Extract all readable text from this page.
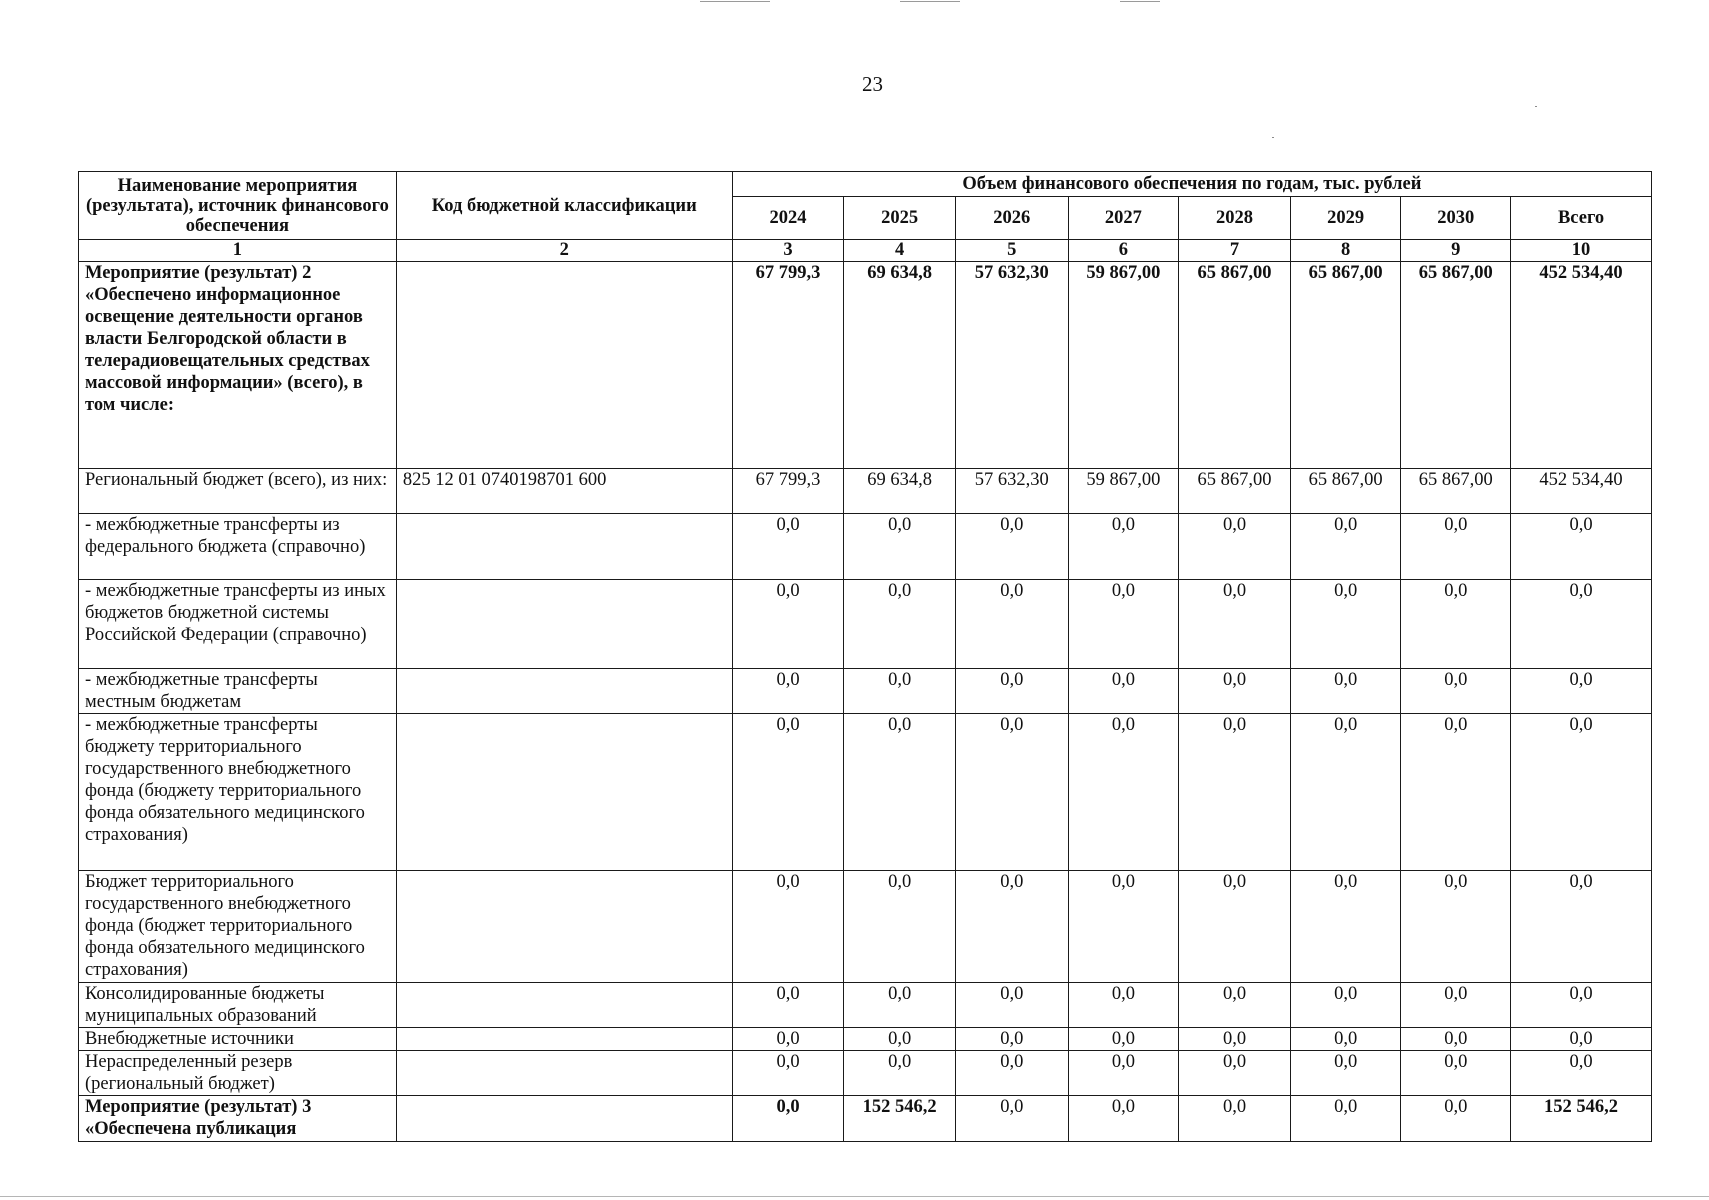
23
Наименование мероприятия (результата), источник финансового обеспечения	Код бюджетной классификации	Объем финансового обеспечения по годам, тыс. рублей							
		2024	2025	2026	2027	2028	2029	2030	Всего
1	2	3	4	5	6	7	8	9	10
Мероприятие (результат) 2 «Обеспечено информационное освещение деятельности органов власти Белгородской области в телерадиовещательных средствах массовой информации» (всего), в том числе:		67 799,3	69 634,8	57 632,30	59 867,00	65 867,00	65 867,00	65 867,00	452 534,40
Региональный бюджет (всего), из них:	825 12 01 0740198701 600	67 799,3	69 634,8	57 632,30	59 867,00	65 867,00	65 867,00	65 867,00	452 534,40
- межбюджетные трансферты из федерального бюджета (справочно)		0,0	0,0	0,0	0,0	0,0	0,0	0,0	0,0
- межбюджетные трансферты из иных бюджетов бюджетной системы Российской Федерации (справочно)		0,0	0,0	0,0	0,0	0,0	0,0	0,0	0,0
- межбюджетные трансферты местным бюджетам		0,0	0,0	0,0	0,0	0,0	0,0	0,0	0,0
- межбюджетные трансферты бюджету территориального государственного внебюджетного фонда (бюджету территориального фонда обязательного медицинского страхования)		0,0	0,0	0,0	0,0	0,0	0,0	0,0	0,0
Бюджет территориального государственного внебюджетного фонда (бюджет территориального фонда обязательного медицинского страхования)		0,0	0,0	0,0	0,0	0,0	0,0	0,0	0,0
Консолидированные бюджеты муниципальных образований		0,0	0,0	0,0	0,0	0,0	0,0	0,0	0,0
Внебюджетные источники		0,0	0,0	0,0	0,0	0,0	0,0	0,0	0,0
Нераспределенный резерв (региональный бюджет)		0,0	0,0	0,0	0,0	0,0	0,0	0,0	0,0
Мероприятие (результат) 3 «Обеспечена публикация		0,0	152 546,2	0,0	0,0	0,0	0,0	0,0	152 546,2
